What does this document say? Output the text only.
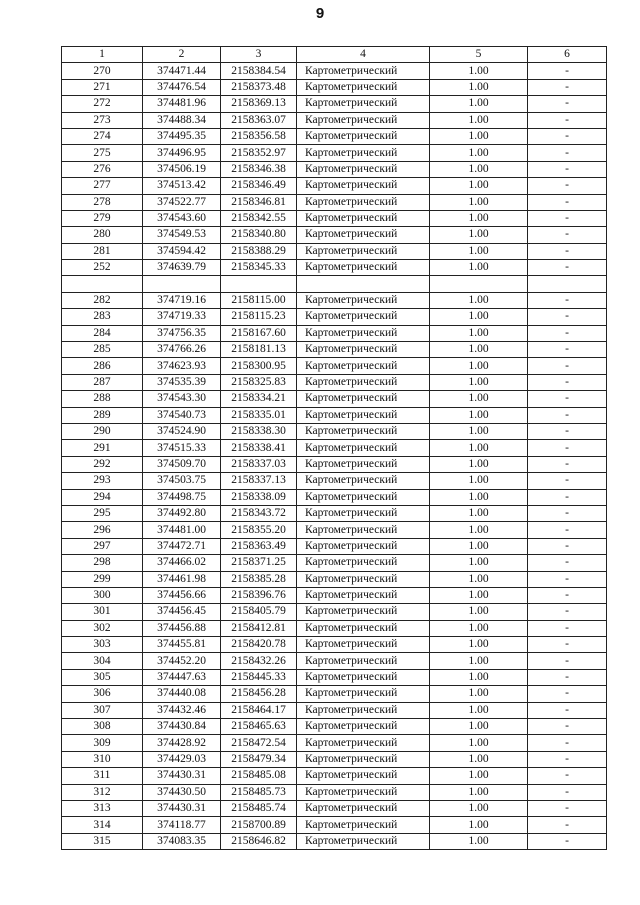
9
1	2	3	4	5	6
270	374471.44	2158384.54	Картометрический	1.00	-
271	374476.54	2158373.48	Картометрический	1.00	-
272	374481.96	2158369.13	Картометрический	1.00	-
273	374488.34	2158363.07	Картометрический	1.00	-
274	374495.35	2158356.58	Картометрический	1.00	-
275	374496.95	2158352.97	Картометрический	1.00	-
276	374506.19	2158346.38	Картометрический	1.00	-
277	374513.42	2158346.49	Картометрический	1.00	-
278	374522.77	2158346.81	Картометрический	1.00	-
279	374543.60	2158342.55	Картометрический	1.00	-
280	374549.53	2158340.80	Картометрический	1.00	-
281	374594.42	2158388.29	Картометрический	1.00	-
252	374639.79	2158345.33	Картометрический	1.00	-

282	374719.16	2158115.00	Картометрический	1.00	-
283	374719.33	2158115.23	Картометрический	1.00	-
284	374756.35	2158167.60	Картометрический	1.00	-
285	374766.26	2158181.13	Картометрический	1.00	-
286	374623.93	2158300.95	Картометрический	1.00	-
287	374535.39	2158325.83	Картометрический	1.00	-
288	374543.30	2158334.21	Картометрический	1.00	-
289	374540.73	2158335.01	Картометрический	1.00	-
290	374524.90	2158338.30	Картометрический	1.00	-
291	374515.33	2158338.41	Картометрический	1.00	-
292	374509.70	2158337.03	Картометрический	1.00	-
293	374503.75	2158337.13	Картометрический	1.00	-
294	374498.75	2158338.09	Картометрический	1.00	-
295	374492.80	2158343.72	Картометрический	1.00	-
296	374481.00	2158355.20	Картометрический	1.00	-
297	374472.71	2158363.49	Картометрический	1.00	-
298	374466.02	2158371.25	Картометрический	1.00	-
299	374461.98	2158385.28	Картометрический	1.00	-
300	374456.66	2158396.76	Картометрический	1.00	-
301	374456.45	2158405.79	Картометрический	1.00	-
302	374456.88	2158412.81	Картометрический	1.00	-
303	374455.81	2158420.78	Картометрический	1.00	-
304	374452.20	2158432.26	Картометрический	1.00	-
305	374447.63	2158445.33	Картометрический	1.00	-
306	374440.08	2158456.28	Картометрический	1.00	-
307	374432.46	2158464.17	Картометрический	1.00	-
308	374430.84	2158465.63	Картометрический	1.00	-
309	374428.92	2158472.54	Картометрический	1.00	-
310	374429.03	2158479.34	Картометрический	1.00	-
311	374430.31	2158485.08	Картометрический	1.00	-
312	374430.50	2158485.73	Картометрический	1.00	-
313	374430.31	2158485.74	Картометрический	1.00	-
314	374118.77	2158700.89	Картометрический	1.00	-
315	374083.35	2158646.82	Картометрический	1.00	-
